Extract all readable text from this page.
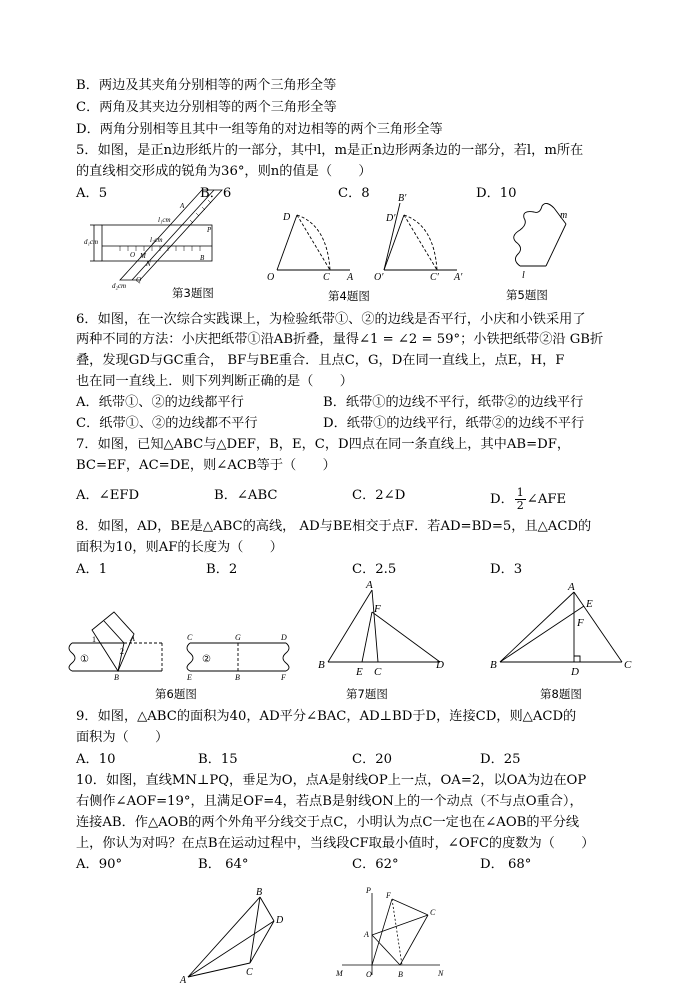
B．两边及其夹角分别相等的两个三角形全等
C．两角及其夹边分别相等的两个三角形全等
D．两角分别相等且其中一组等角的对边相等的两个三角形全等
5．如图，是正n边形纸片的一部分，其中l，m是正n边形两条边的一部分，若l，m所在
的直线相交形成的锐角为36°，则n的值是（　　）
A．5	B．6	C．8	D．10
d₁cm
l₁cm
l₂cm
d₂cm
O M
N
A
B
P
Q
第3题图
D
O	C A
第4题图
B′
D′
O′	C′ A′
m
l
第5题图
6．如图，在一次综合实践课上，为检验纸带①、②的边线是否平行，小庆和小铁采用了
两种不同的方法：小庆把纸带①沿AB折叠，量得∠1 = ∠2 = 59°；小铁把纸带②沿 GB折
叠，发现GD与GC重合， BF与BE重合．且点C，G，D在同一直线上，点E，H，F
也在同一直线上．则下列判断正确的是（　　）
A．纸带①、②的边线都平行	B．纸带①的边线不平行，纸带②的边线平行
C．纸带①、②的边线都不平行	D．纸带①的边线平行，纸带②的边线不平行
7．如图，已知△ABC与△DEF，B，E，C，D四点在同一条直线上，其中AB=DF，
BC=EF，AC=DE，则∠ACB等于（　　）
A．∠EFD	B．∠ABC	C．2∠D	D． $\frac{1}{2}$ ∠AFE
8．如图，AD，BE是△ABC的高线， AD与BE相交于点F．若AD=BD=5，且△ACD的
面积为10，则AF的长度为（　　）
A．1	B．2	C．2.5	D．3
①	②
1
2
A
B
C	G	D
E	B	F
第6题图
A
F
B
E C
D
第7题图
A
E
F
B
D
C
第8题图
9．如图，△ABC的面积为40，AD平分∠BAC，AD⊥BD于D，连接CD，则△ACD的
面积为（　　）
A．10	B．15	C．20	D．25
10．如图，直线MN⊥PQ，垂足为O，点A是射线OP上一点，OA=2，以OA为边在OP
右侧作∠AOF=19°，且满足OF=4，若点B是射线ON上的一个动点（不与点O重合），
连接AB．作△AOB的两个外角平分线交于点C，小明认为点C一定也在∠AOB的平分线
上，你认为对吗？在点B在运动过程中，当线段CF取最小值时，∠OFC的度数为（　　）
A．90°	B． 64°	C．62°	D． 68°
B
D
A
C
P
F
C
A
M	O	B	N
